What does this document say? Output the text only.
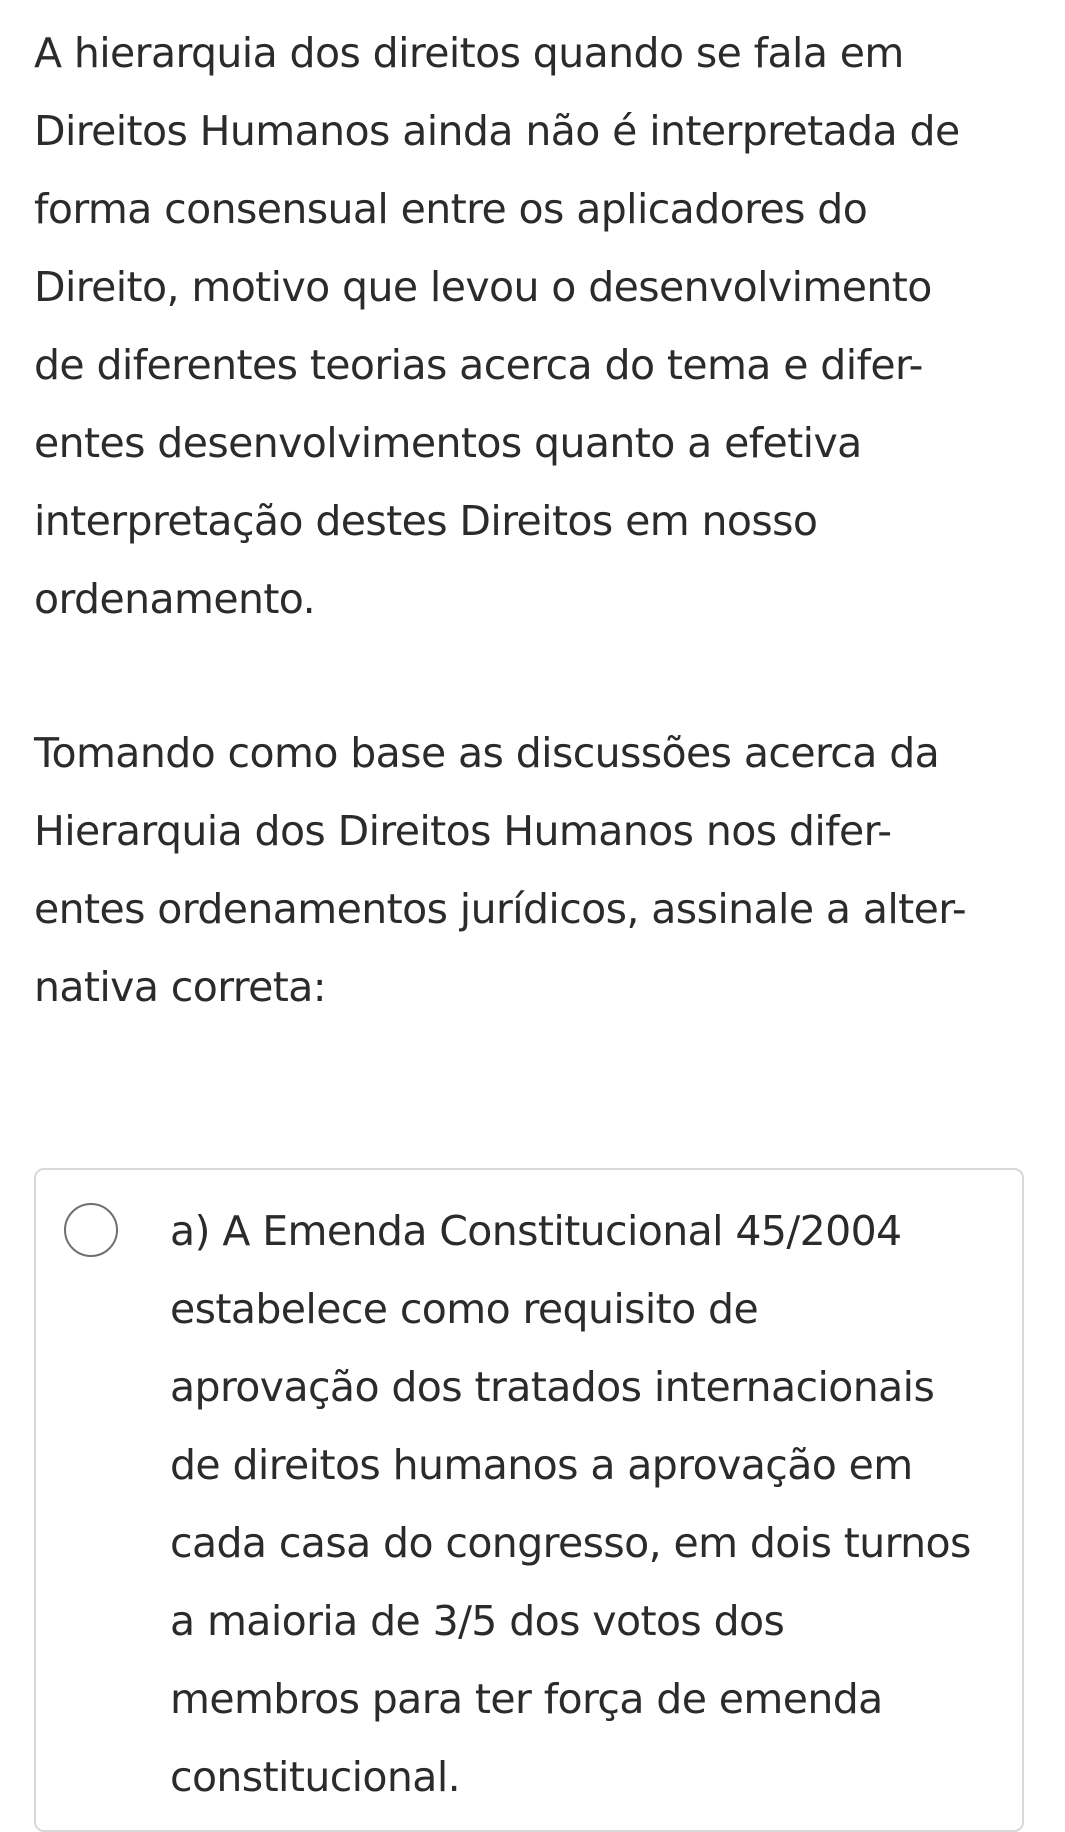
A hierarquia dos direitos quando se fala em
Direitos Humanos ainda não é interpretada de
forma consensual entre os aplicadores do
Direito, motivo que levou o desenvolvimento
de diferentes teorias acerca do tema e difer-
entes desenvolvimentos quanto a efetiva
interpretação destes Direitos em nosso
ordenamento.

Tomando como base as discussões acerca da
Hierarquia dos Direitos Humanos nos difer-
entes ordenamentos jurídicos, assinale a alter-
nativa correta:

a) A Emenda Constitucional 45/2004
estabelece como requisito de
aprovação dos tratados internacionais
de direitos humanos a aprovação em
cada casa do congresso, em dois turnos
a maioria de 3/5 dos votos dos
membros para ter força de emenda
constitucional.
